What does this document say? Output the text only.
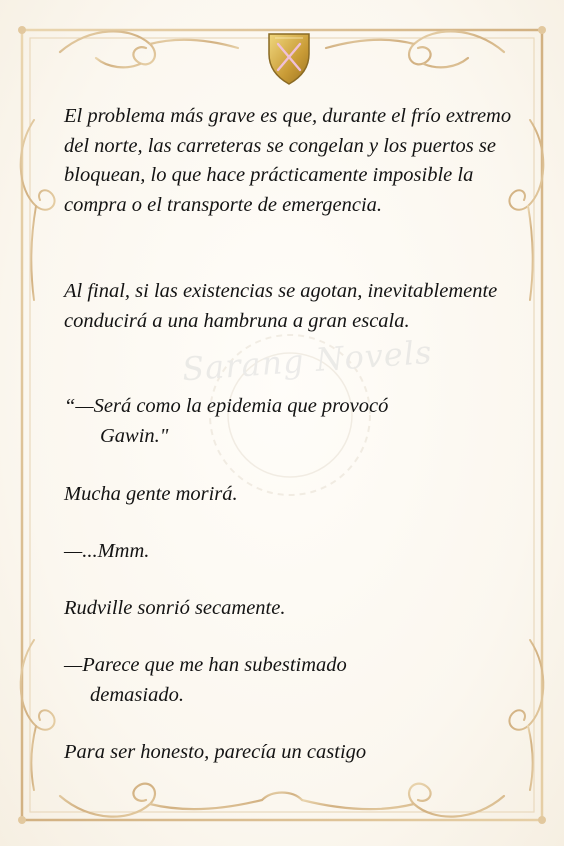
Sarang Novels

El problema más grave es que, durante el frío extremo del norte, las carreteras se congelan y los puertos se bloquean, lo que hace prácticamente imposible la compra o el transporte de emergencia.

Al final, si las existencias se agotan, inevitablemente conducirá a una hambruna a gran escala.

“—Será como la epidemia que provocó
Gawin."

Mucha gente morirá.

—...Mmm.

Rudville sonrió secamente.

—Parece que me han subestimado
demasiado.

Para ser honesto, parecía un castigo
